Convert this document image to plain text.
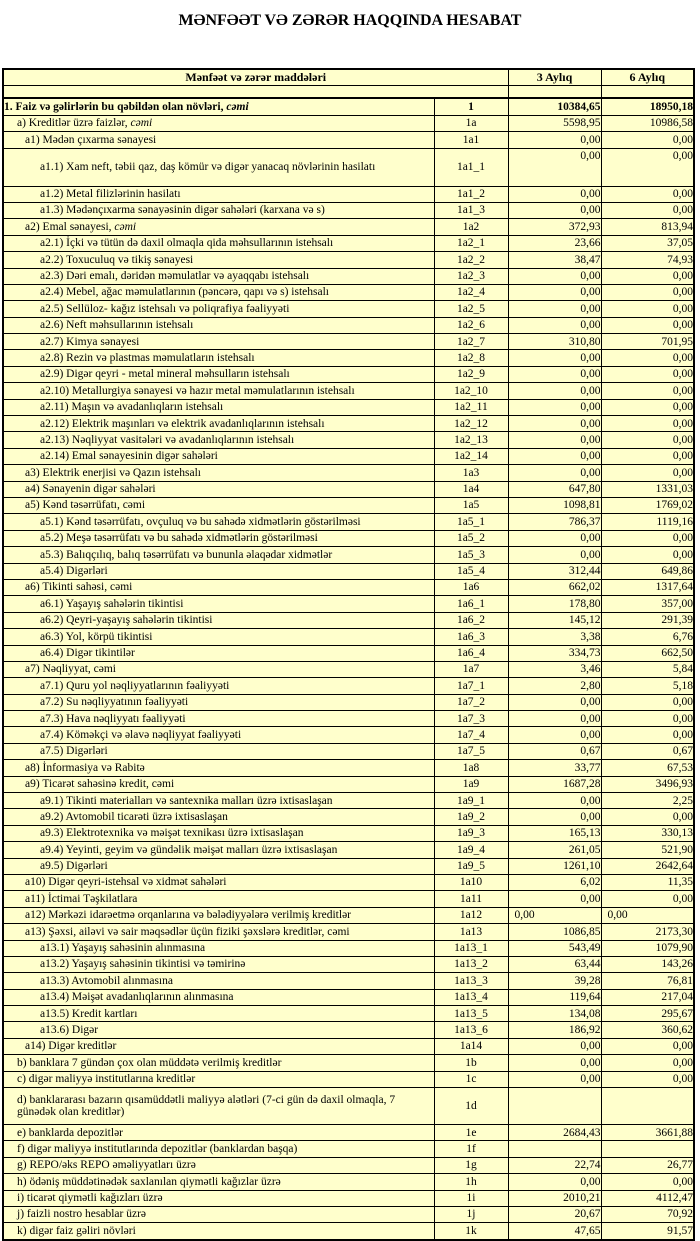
MƏNFƏƏT VƏ ZƏRƏR HAQQINDA HESABAT
Mənfəət və zərər maddələri		3 Aylıq	6 Aylıq

1. Faiz və gəlirlərin bu qəbildən olan növləri, cəmi	1	10384,65	18950,18
a) Kreditlər üzrə faizlər, cəmi	1a	5598,95	10986,58
a1) Mədən çıxarma sənayesi	1a1	0,00	0,00
a1.1) Xam neft, təbii qaz, daş kömür və digər yanacaq növlərinin hasilatı	1a1_1	0,00	0,00
a1.2) Metal filizlərinin hasilatı	1a1_2	0,00	0,00
a1.3) Mədənçıxarma sənayəsinin digər sahələri (karxana və s)	1a1_3	0,00	0,00
a2) Emal sənayesi, cəmi	1a2	372,93	813,94
a2.1) İçki və tütün də daxil olmaqla qida məhsullarının istehsalı	1a2_1	23,66	37,05
a2.2) Toxuculuq və tikiş sənayesi	1a2_2	38,47	74,93
a2.3) Dəri emalı, dəridən məmulatlar və ayaqqabı istehsalı	1a2_3	0,00	0,00
a2.4) Mebel, ağac məmulatlarının (pəncərə, qapı və s) istehsalı	1a2_4	0,00	0,00
a2.5) Sellüloz- kağız istehsalı və poliqrafiya fəaliyyəti	1a2_5	0,00	0,00
a2.6) Neft məhsullarının istehsalı	1a2_6	0,00	0,00
a2.7) Kimya sənayesi	1a2_7	310,80	701,95
a2.8) Rezin və plastmas məmulatların istehsalı	1a2_8	0,00	0,00
a2.9) Digər qeyri - metal mineral məhsulların istehsalı	1a2_9	0,00	0,00
a2.10) Metallurgiya sənayesi və hazır metal məmulatlarının istehsalı	1a2_10	0,00	0,00
a2.11) Maşın və avadanlıqların istehsalı	1a2_11	0,00	0,00
a2.12) Elektrik maşınları və elektrik avadanlıqlarının istehsalı	1a2_12	0,00	0,00
a2.13) Nəqliyyat vasitələri və avadanlıqlarının istehsalı	1a2_13	0,00	0,00
a2.14) Emal sənayesinin digər sahələri	1a2_14	0,00	0,00
a3) Elektrik enerjisi və Qazın istehsalı	1a3	0,00	0,00
a4) Sənayenin digər sahələri	1a4	647,80	1331,03
a5) Kənd təsərrüfatı, cəmi	1a5	1098,81	1769,02
a5.1) Kənd təsərrüfatı, ovçuluq və bu sahədə xidmətlərin göstərilməsi	1a5_1	786,37	1119,16
a5.2) Meşə təsərrüfatı və bu sahədə xidmətlərin göstərilməsi	1a5_2	0,00	0,00
a5.3) Balıqçılıq, balıq təsərrüfatı və bununla əlaqədar xidmətlər	1a5_3	0,00	0,00
a5.4) Digərləri	1a5_4	312,44	649,86
a6) Tikinti sahəsi, cəmi	1a6	662,02	1317,64
a6.1) Yaşayış sahələrin tikintisi	1a6_1	178,80	357,00
a6.2) Qeyri-yaşayış sahələrin tikintisi	1a6_2	145,12	291,39
a6.3) Yol, körpü tikintisi	1a6_3	3,38	6,76
a6.4) Digər tikintilər	1a6_4	334,73	662,50
a7) Nəqliyyat, cəmi	1a7	3,46	5,84
a7.1) Quru yol nəqliyyatlarının fəaliyyəti	1a7_1	2,80	5,18
a7.2) Su nəqliyyatının fəaliyyəti	1a7_2	0,00	0,00
a7.3) Hava nəqliyyatı fəaliyyəti	1a7_3	0,00	0,00
a7.4) Köməkçi və əlavə nəqliyyat fəaliyyəti	1a7_4	0,00	0,00
a7.5) Digərləri	1a7_5	0,67	0,67
a8) İnformasiya və Rabitə	1a8	33,77	67,53
a9) Ticarət sahəsinə kredit, cəmi	1a9	1687,28	3496,93
a9.1) Tikinti materialları və santexnika malları üzrə ixtisaslaşan	1a9_1	0,00	2,25
a9.2) Avtomobil ticarəti üzrə ixtisaslaşan	1a9_2	0,00	0,00
a9.3) Elektrotexnika və məişət texnikası üzrə ixtisaslaşan	1a9_3	165,13	330,13
a9.4) Yeyinti, geyim və gündəlik məişət malları üzrə ixtisaslaşan	1a9_4	261,05	521,90
a9.5) Digərləri	1a9_5	1261,10	2642,64
a10) Digər qeyri-istehsal və xidmət sahələri	1a10	6,02	11,35
a11) İctimai Təşkilatlara	1a11	0,00	0,00
a12) Mərkəzi idarəetmə orqanlarına və bələdiyyələrə verilmiş kreditlər	1a12	0,00	0,00
a13) Şəxsi, ailəvi və sair məqsədlər üçün fiziki şəxslərə kreditlər, cəmi	1a13	1086,85	2173,30
a13.1) Yaşayış sahəsinin alınmasına	1a13_1	543,49	1079,90
a13.2) Yaşayış sahəsinin tikintisi və təmirinə	1a13_2	63,44	143,26
a13.3) Avtomobil alınmasına	1a13_3	39,28	76,81
a13.4) Məişət avadanlıqlarının alınmasına	1a13_4	119,64	217,04
a13.5) Kredit kartları	1a13_5	134,08	295,67
a13.6) Digər	1a13_6	186,92	360,62
a14) Digər kreditlər	1a14	0,00	0,00
b) banklara 7 gündən çox olan müddətə verilmiş kreditlər	1b	0,00	0,00
c) digər maliyyə institutlarına kreditlər	1c	0,00	0,00
d) banklararası bazarın qısamüddətli maliyyə alətləri (7-ci gün də daxil olmaqla, 7 günədək olan kreditlər)	1d		
e) banklarda depozitlər	1e	2684,43	3661,88
f) digər maliyyə institutlarında depozitlər (banklardan başqa)	1f		
g) REPO/əks REPO əməliyyatları üzrə	1g	22,74	26,77
h) ödəniş müddətinədək saxlanılan qiymətli kağızlar üzrə	1h	0,00	0,00
i) ticarət qiymətli kağızları üzrə	1i	2010,21	4112,47
j) faizli nostro hesablar üzrə	1j	20,67	70,92
k) digər faiz gəliri növləri	1k	47,65	91,57
